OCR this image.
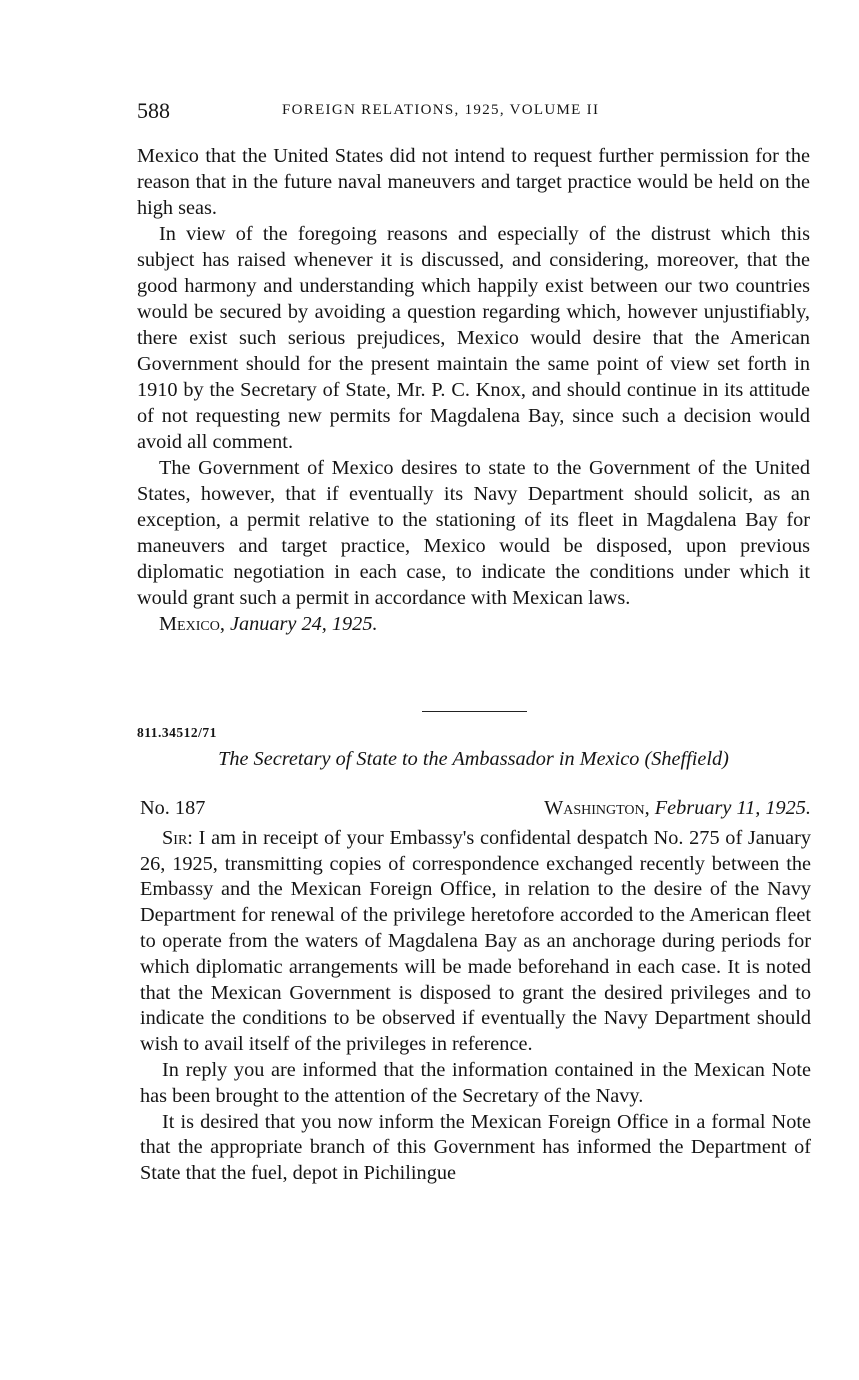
588	FOREIGN RELATIONS, 1925, VOLUME II

Mexico that the United States did not intend to request further permission for the reason that in the future naval maneuvers and target practice would be held on the high seas.

In view of the foregoing reasons and especially of the distrust which this subject has raised whenever it is discussed, and considering, moreover, that the good harmony and understanding which happily exist between our two countries would be secured by avoiding a question regarding which, however unjustifiably, there exist such serious prejudices, Mexico would desire that the American Government should for the present maintain the same point of view set forth in 1910 by the Secretary of State, Mr. P. C. Knox, and should continue in its attitude of not requesting new permits for Magdalena Bay, since such a decision would avoid all comment.

The Government of Mexico desires to state to the Government of the United States, however, that if eventually its Navy Department should solicit, as an exception, a permit relative to the stationing of its fleet in Magdalena Bay for maneuvers and target practice, Mexico would be disposed, upon previous diplomatic negotiation in each case, to indicate the conditions under which it would grant such a permit in accordance with Mexican laws.

Mexico, January 24, 1925.

811.34512/71
The Secretary of State to the Ambassador in Mexico (Sheffield)

No. 187	Washington, February 11, 1925.

Sir: I am in receipt of your Embassy's confidental despatch No. 275 of January 26, 1925, transmitting copies of correspondence exchanged recently between the Embassy and the Mexican Foreign Office, in relation to the desire of the Navy Department for renewal of the privilege heretofore accorded to the American fleet to operate from the waters of Magdalena Bay as an anchorage during periods for which diplomatic arrangements will be made beforehand in each case. It is noted that the Mexican Government is disposed to grant the desired privileges and to indicate the conditions to be observed if eventually the Navy Department should wish to avail itself of the privileges in reference.

In reply you are informed that the information contained in the Mexican Note has been brought to the attention of the Secretary of the Navy.

It is desired that you now inform the Mexican Foreign Office in a formal Note that the appropriate branch of this Government has informed the Department of State that the fuel, depot in Pichilingue
